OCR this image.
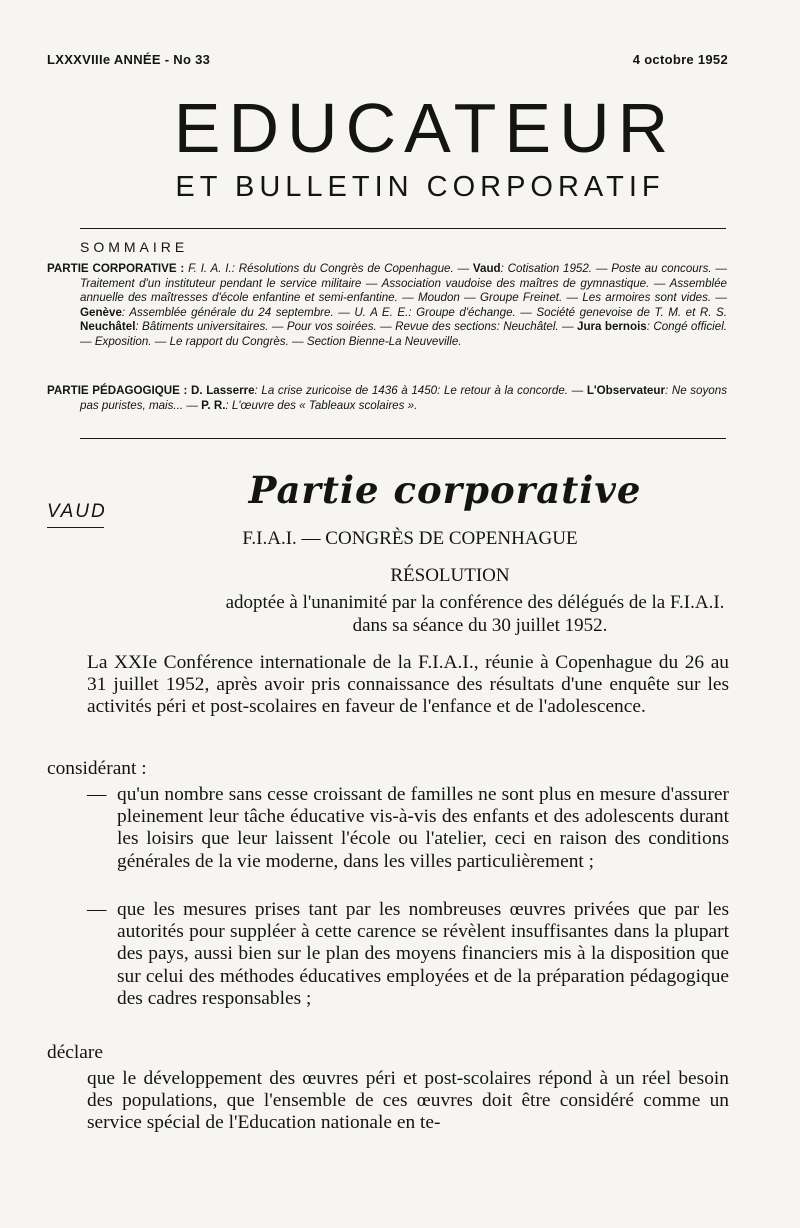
LXXXVIIIe ANNÉE - No 33	4 octobre 1952
EDUCATEUR
ET BULLETIN CORPORATIF
SOMMAIRE
PARTIE CORPORATIVE : F. I. A. I.: Résolutions du Congrès de Copenhague. — Vaud: Cotisation 1952. — Poste au concours. — Traitement d'un instituteur pendant le service militaire — Association vaudoise des maîtres de gymnastique. — Assemblée annuelle des maîtresses d'école enfantine et semi-enfantine. — Moudon — Groupe Freinet. — Les armoires sont vides. — Genève: Assemblée générale du 24 septembre. — U. A E. E.: Groupe d'échange. — Société genevoise de T. M. et R. S. Neuchâtel: Bâtiments universitaires. — Pour vos soirées. — Revue des sections: Neuchâtel. — Jura bernois: Congé officiel. — Exposition. — Le rapport du Congrès. — Section Bienne-La Neuveville.
PARTIE PÉDAGOGIQUE : D. Lasserre: La crise zuricoise de 1436 à 1450: Le retour à la concorde. — L'Observateur: Ne soyons pas puristes, mais... — P. R.: L'œuvre des « Tableaux scolaires ».
Partie corporative
VAUD
F.I.A.I. — CONGRÈS DE COPENHAGUE
RÉSOLUTION
adoptée à l'unanimité par la conférence des délégués de la F.I.A.I.
dans sa séance du 30 juillet 1952.
La XXIe Conférence internationale de la F.I.A.I., réunie à Copenhague du 26 au 31 juillet 1952, après avoir pris connaissance des résultats d'une enquête sur les activités péri et post-scolaires en faveur de l'enfance et de l'adolescence.
considérant :
— qu'un nombre sans cesse croissant de familles ne sont plus en mesure d'assurer pleinement leur tâche éducative vis-à-vis des enfants et des adolescents durant les loisirs que leur laissent l'école ou l'atelier, ceci en raison des conditions générales de la vie moderne, dans les villes particulièrement ;
— que les mesures prises tant par les nombreuses œuvres privées que par les autorités pour suppléer à cette carence se révèlent insuffisantes dans la plupart des pays, aussi bien sur le plan des moyens financiers mis à la disposition que sur celui des méthodes éducatives employées et de la préparation pédagogique des cadres responsables ;
déclare
que le développement des œuvres péri et post-scolaires répond à un réel besoin des populations, que l'ensemble de ces œuvres doit être considéré comme un service spécial de l'Education nationale en te-
